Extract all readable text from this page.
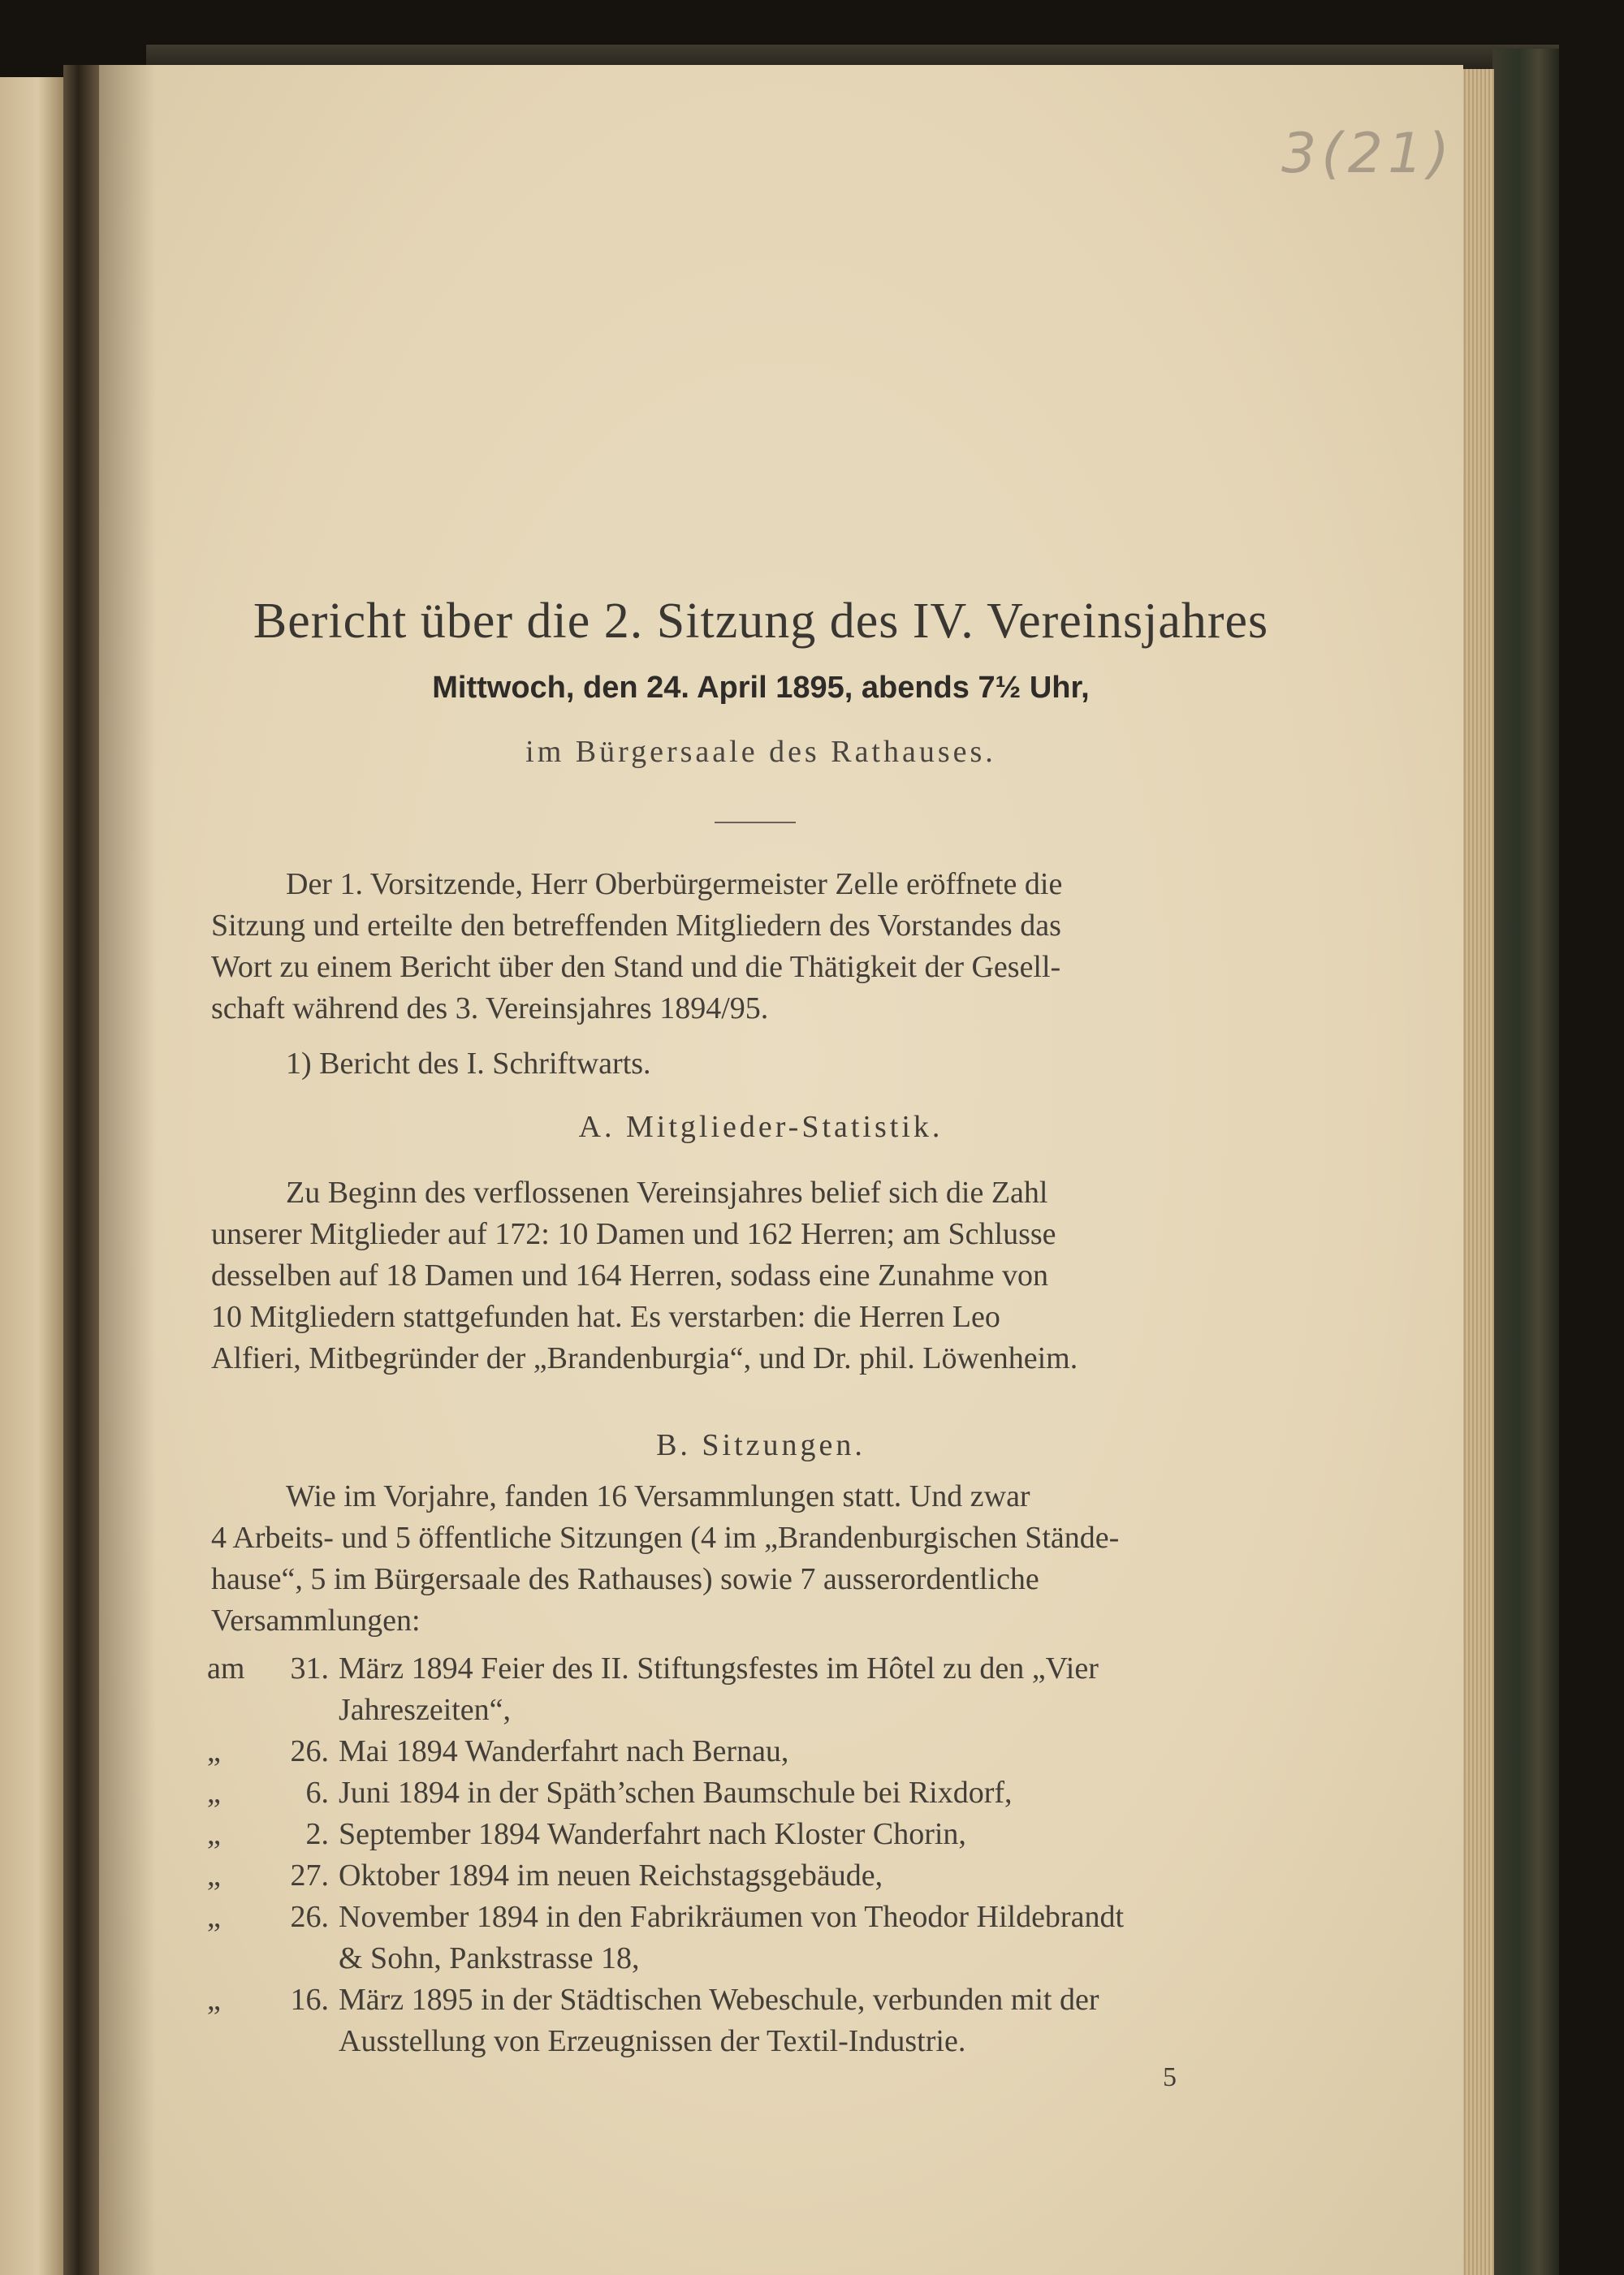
3(21)
Bericht über die 2. Sitzung des IV. Vereinsjahres
Mittwoch, den 24. April 1895, abends 7½ Uhr,
im Bürgersaale des Rathauses.
Der 1. Vorsitzende, Herr Oberbürgermeister Zelle eröffnete die
Sitzung und erteilte den betreffenden Mitgliedern des Vorstandes das
Wort zu einem Bericht über den Stand und die Thätigkeit der Gesell-
schaft während des 3. Vereinsjahres 1894/95.
1) Bericht des I. Schriftwarts.
A. Mitglieder-Statistik.
Zu Beginn des verflossenen Vereinsjahres belief sich die Zahl
unserer Mitglieder auf 172: 10 Damen und 162 Herren; am Schlusse
desselben auf 18 Damen und 164 Herren, sodass eine Zunahme von
10 Mitgliedern stattgefunden hat. Es verstarben: die Herren Leo
Alfieri, Mitbegründer der „Brandenburgia“, und Dr. phil. Löwenheim.
B. Sitzungen.
Wie im Vorjahre, fanden 16 Versammlungen statt. Und zwar
4 Arbeits- und 5 öffentliche Sitzungen (4 im „Brandenburgischen Stände-
hause“, 5 im Bürgersaale des Rathauses) sowie 7 ausserordentliche
Versammlungen:
am	31. März 1894 Feier des II. Stiftungsfestes im Hôtel zu den „Vier
Jahreszeiten“,
„	26. Mai 1894 Wanderfahrt nach Bernau,
„	6. Juni 1894 in der Späth’schen Baumschule bei Rixdorf,
„	2. September 1894 Wanderfahrt nach Kloster Chorin,
„	27. Oktober 1894 im neuen Reichstagsgebäude,
„	26. November 1894 in den Fabrikräumen von Theodor Hildebrandt
& Sohn, Pankstrasse 18,
„	16. März 1895 in der Städtischen Webeschule, verbunden mit der
Ausstellung von Erzeugnissen der Textil-Industrie.
5
